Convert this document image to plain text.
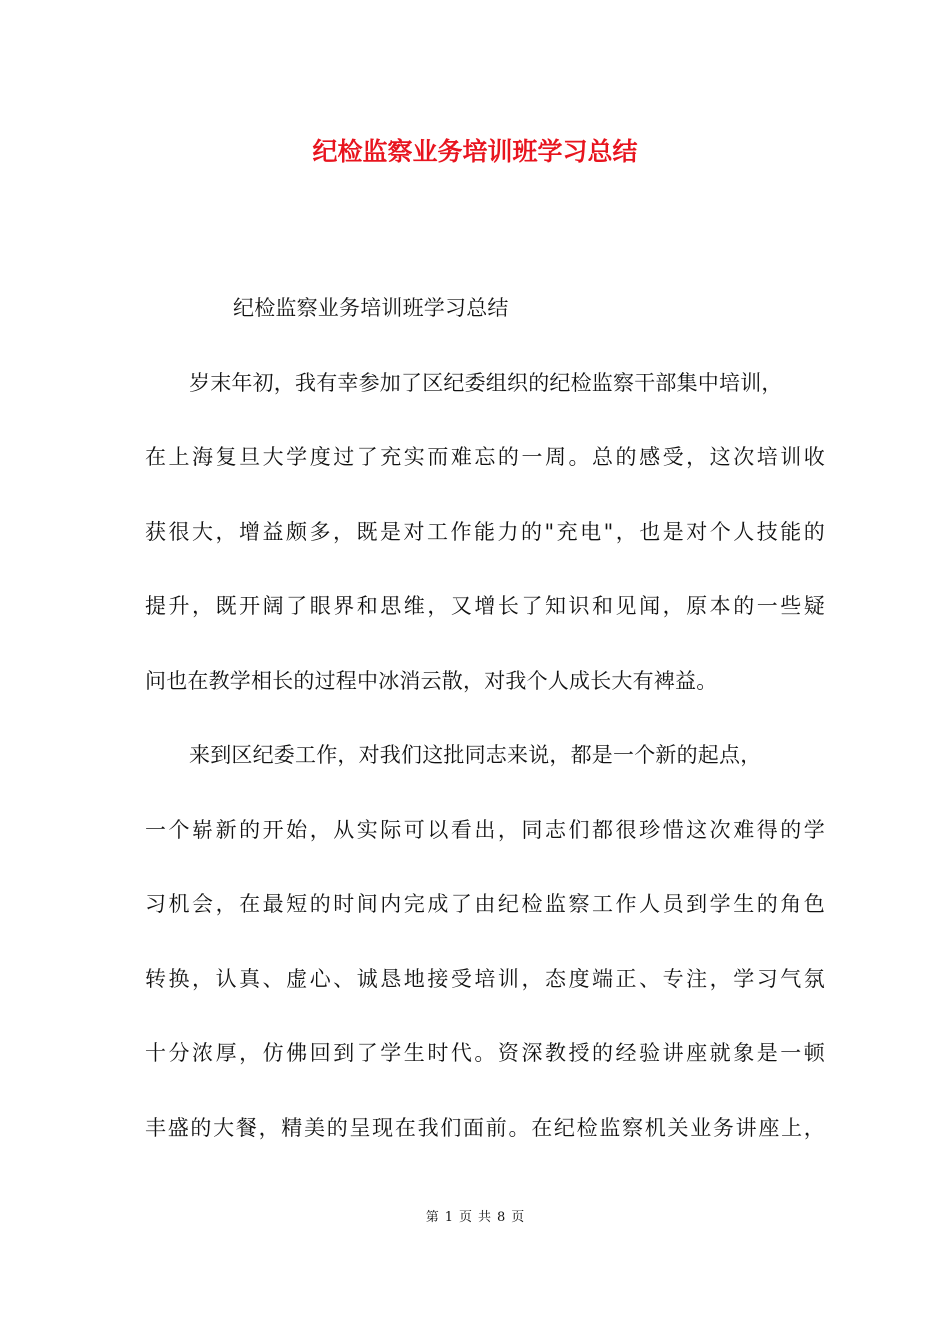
纪检监察业务培训班学习总结
纪检监察业务培训班学习总结
岁末年初，我有幸参加了区纪委组织的纪检监察干部集中培训，
在上海复旦大学度过了充实而难忘的一周。总的感受，这次培训收
获很大，增益颇多，既是对工作能力的"充电"，也是对个人技能的
提升，既开阔了眼界和思维，又增长了知识和见闻，原本的一些疑
问也在教学相长的过程中冰消云散，对我个人成长大有裨益。
来到区纪委工作，对我们这批同志来说，都是一个新的起点，
一个崭新的开始，从实际可以看出，同志们都很珍惜这次难得的学
习机会，在最短的时间内完成了由纪检监察工作人员到学生的角色
转换，认真、虚心、诚恳地接受培训，态度端正、专注，学习气氛
十分浓厚，仿佛回到了学生时代。资深教授的经验讲座就象是一顿
丰盛的大餐，精美的呈现在我们面前。在纪检监察机关业务讲座上，
第 1 页 共 8 页
